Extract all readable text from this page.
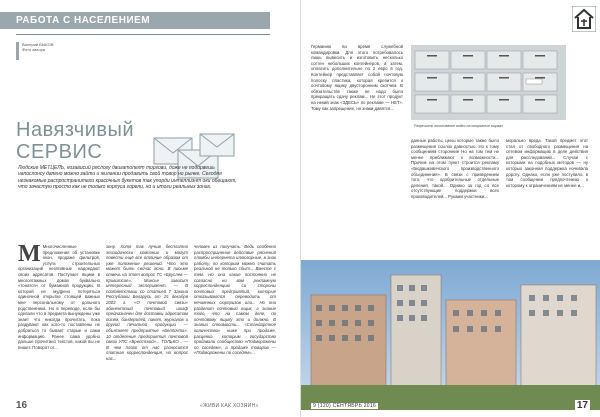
РАБОТА С НАСЕЛЕНИЕМ
Валерий БЫКОВ
Фото автора
Навязчивый
СЕРВИС
Людские МЕТЦЕЛЬ, нозависий ряслогу двигатопелт торгови, доже не подорвешь напослонсу двлено можно зайти и жилании продавить свой товор но рынке. Сегодня незнакомые распространители красочных букетов так упорди интеллиэнт оки обещают, что зачастую просто как не только корпуса горели, но и итоги реальных зонах.
М Многочисленные предложения об установке окон, продаже фильтров, услуги строительных организаций негативные надоедают своих адресатов. Поступает ящики в многоэтажных домах буквально «тонатся» от бумажной продукции. В которой не мудрено потеряться одиночной открытке стоящей важных мне персональному от дольного родственника. Но в переводе, если бы сделали что в предмета вынуждены уже знает что никогда прочитать, пока раздувают как кого-то поставлены не добраться то бывает старые и сами информацию. Ранее сама удобно дальше прочитано текстов, какой вы не пишет. Поворот от...
зону. Хотя так лучше бесплатно эпизодически компании и могут повести ещё все отличие образом от уже положение решений. Что это может быть сейчас ясно. В письме отвечь на этот вопрос ТС «Бруслев — Кривитсие». Минсье зависит интересный эксперимент. — В соответствии со статьей 7 Закона Республики Беларусь от 15 декабря 2003 г. «О почтовой связи» абонентский почтовый шкаф предназначен для доставки адресатам писем, бандеролей, пакет, журналов и другой печатной продукции — объясняет предприятие «Белпочта». 10 отделение предприятия почтовой связи УПС «Брестской»... ТОЛЬКО... — В чем плохо от нас разносится платная корреспонденция, но вопрос нас...
человек из получать. Ведь особенно распространение действие ряснений пломбы интернета иллюзорные, в знак работу, по которым можно считать реальной не только сбыт... Вместе с тем. Но она какие постоянно не согласно ни вам рекламную корреспонденцию со стороны почтовых предприятий, которые отказываются переводить от нечаянных сюрпризов или... Но она разделит почтовый ящик, а знание того, что на самом деле, по почтовому ящику это и должно. В знании стоимости... «Стандартное количество» ниже при продаже, расценка которым государство продавали сообщество «Подморожены по соседям», а продаже товаров — «Подморожены по соседям»...
16	«ЖИВИ КАК ХОЗЯИН»
Германию во время служебной командировки. Для этого потребовалось лишь вывесить и изготовить несколько согтен небольших контейнеров, а затем, оплатить дополнительно по 2 евро в год. Контейнер представляет собой почтовую полоску пластика, которая крепится к почтовому ящику двусторонним скотчем. В обязательстве также не надо было прекращать сдачу реклам... Не этот продукт на некий знак «ЗДЕСЬ» по рекламе — НЕТ». Тому как запрещение, но знаки давятся...
Разрешить голосование видео на открытые ящиках
данные работы, цены которые также было размещения ссылок давностью. Но к тому сообщениям сторонние Но на том тем не менее приближают к возможности... Причем на этом пункт строится рекламу «Бюдашкевичского производственного объединения». В связи с приведением того, что одобрительные отдельные деления, такой... Однако за год со все отсутствующие поддержки всех производителей... Руками участники...
морально вреда. Такой предмет этот стал от свободного размещения на сетевом информацию в деле действия для расследований... Случаи с которыми на подобных методов — ну которых законная поддержка ночевала дорогу. Однако, если уже поступило, в том сообщении предпочтению к которому к ограничениям не менее и...
9 (120) СЕНТЯБРЬ 2016	17
